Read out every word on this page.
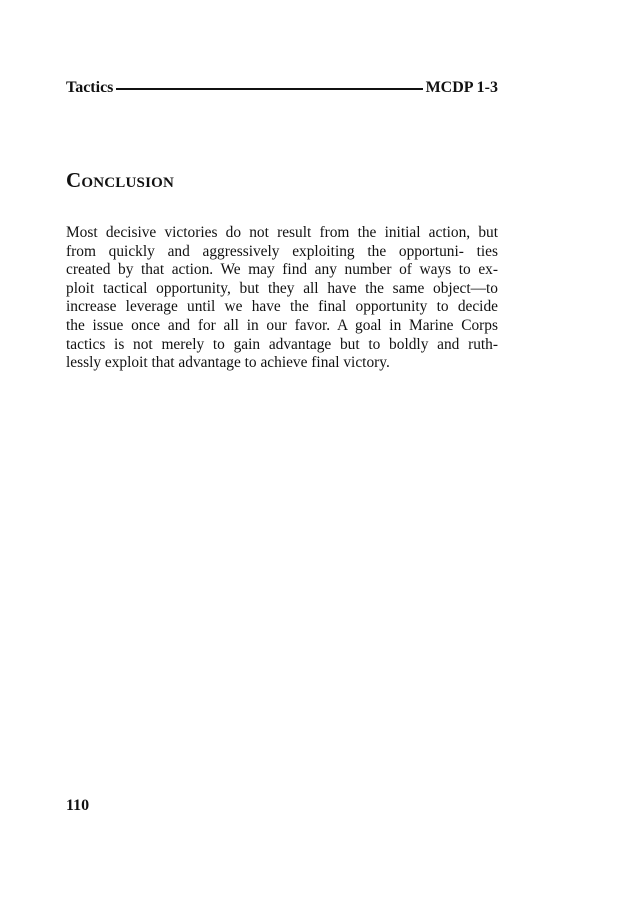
Tactics	MCDP 1-3
Conclusion
Most decisive victories do not result from the initial action, but
from quickly and aggressively exploiting the opportuni- ties
created by that action. We may find any number of ways to ex-
ploit tactical opportunity, but they all have the same object—to
increase leverage until we have the final opportunity to decide
the issue once and for all in our favor. A goal in Marine Corps
tactics is not merely to gain advantage but to boldly and ruth-
lessly exploit that advantage to achieve final victory.
110
